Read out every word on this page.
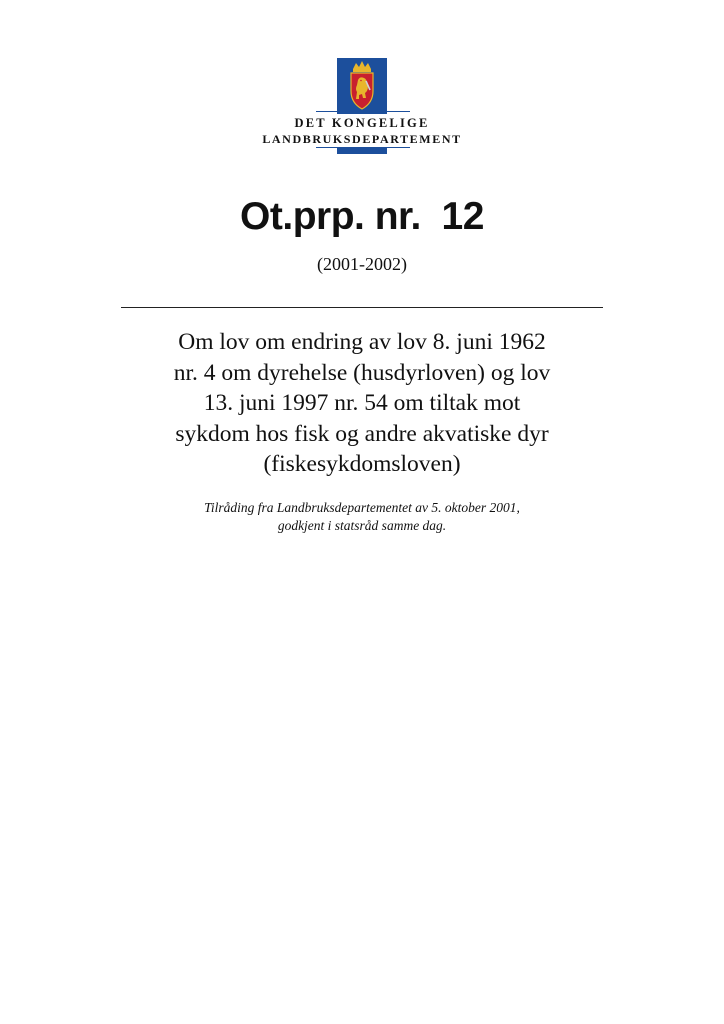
DET KONGELIGE
LANDBRUKSDEPARTEMENT
Ot.prp. nr.  12
(2001-2002)
Om lov om endring av lov 8. juni 1962
nr. 4 om dyrehelse (husdyrloven) og lov
13. juni 1997 nr. 54 om tiltak mot
sykdom hos fisk og andre akvatiske dyr
(fiskesykdomsloven)
Tilråding fra Landbruksdepartementet av 5. oktober 2001,
godkjent i statsråd samme dag.
